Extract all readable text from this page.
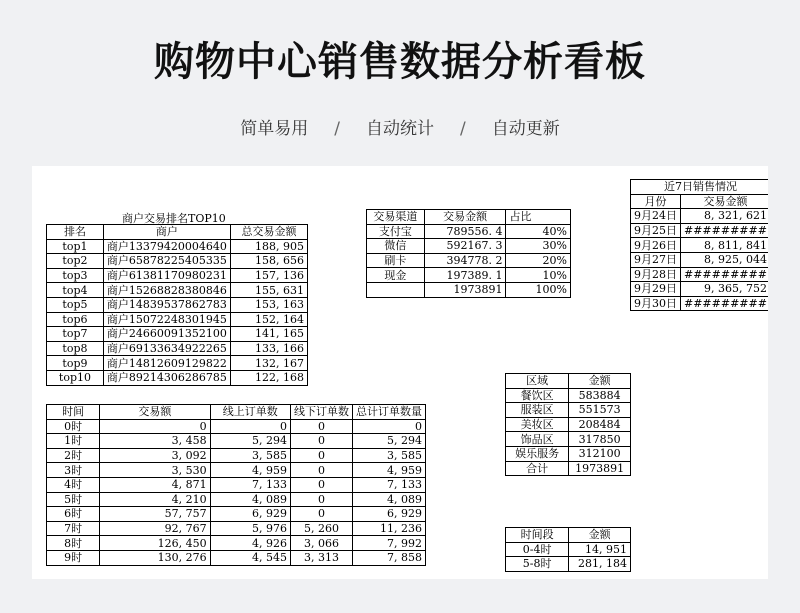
购物中心销售数据分析看板
简单易用 / 自动统计 / 自动更新
商户交易排名TOP10
排名	商户	总交易金额
top1	商户13379420004640	188, 905
top2	商户65878225405335	158, 656
top3	商户61381170980231	157, 136
top4	商户15268828380846	155, 631
top5	商户14839537862783	153, 163
top6	商户15072248301945	152, 164
top7	商户24660091352100	141, 165
top8	商户69133634922265	133, 166
top9	商户14812609129822	132, 167
top10	商户89214306286785	122, 168
交易渠道	交易金额	占比
支付宝	789556. 4	40%
微信	592167. 3	30%
刷卡	394778. 2	20%
现金	197389. 1	10%
	1973891	100%
近7日销售情况	
月份	交易金额
9月24日	8, 321, 621
9月25日	#########
9月26日	8, 811, 841
9月27日	8, 925, 044
9月28日	#########
9月29日	9, 365, 752
9月30日	#########
区域	金额
餐饮区	583884
服装区	551573
美妆区	208484
饰品区	317850
娱乐服务	312100
合计	1973891
时间	交易额	线上订单数	线下订单数	总计订单数量
0时	0	0	0	0
1时	3, 458	5, 294	0	5, 294
2时	3, 092	3, 585	0	3, 585
3时	3, 530	4, 959	0	4, 959
4时	4, 871	7, 133	0	7, 133
5时	4, 210	4, 089	0	4, 089
6时	57, 757	6, 929	0	6, 929
7时	92, 767	5, 976	5, 260	11, 236
8时	126, 450	4, 926	3, 066	7, 992
9时	130, 276	4, 545	3, 313	7, 858
时间段	金额
0-4时	14, 951
5-8时	281, 184
